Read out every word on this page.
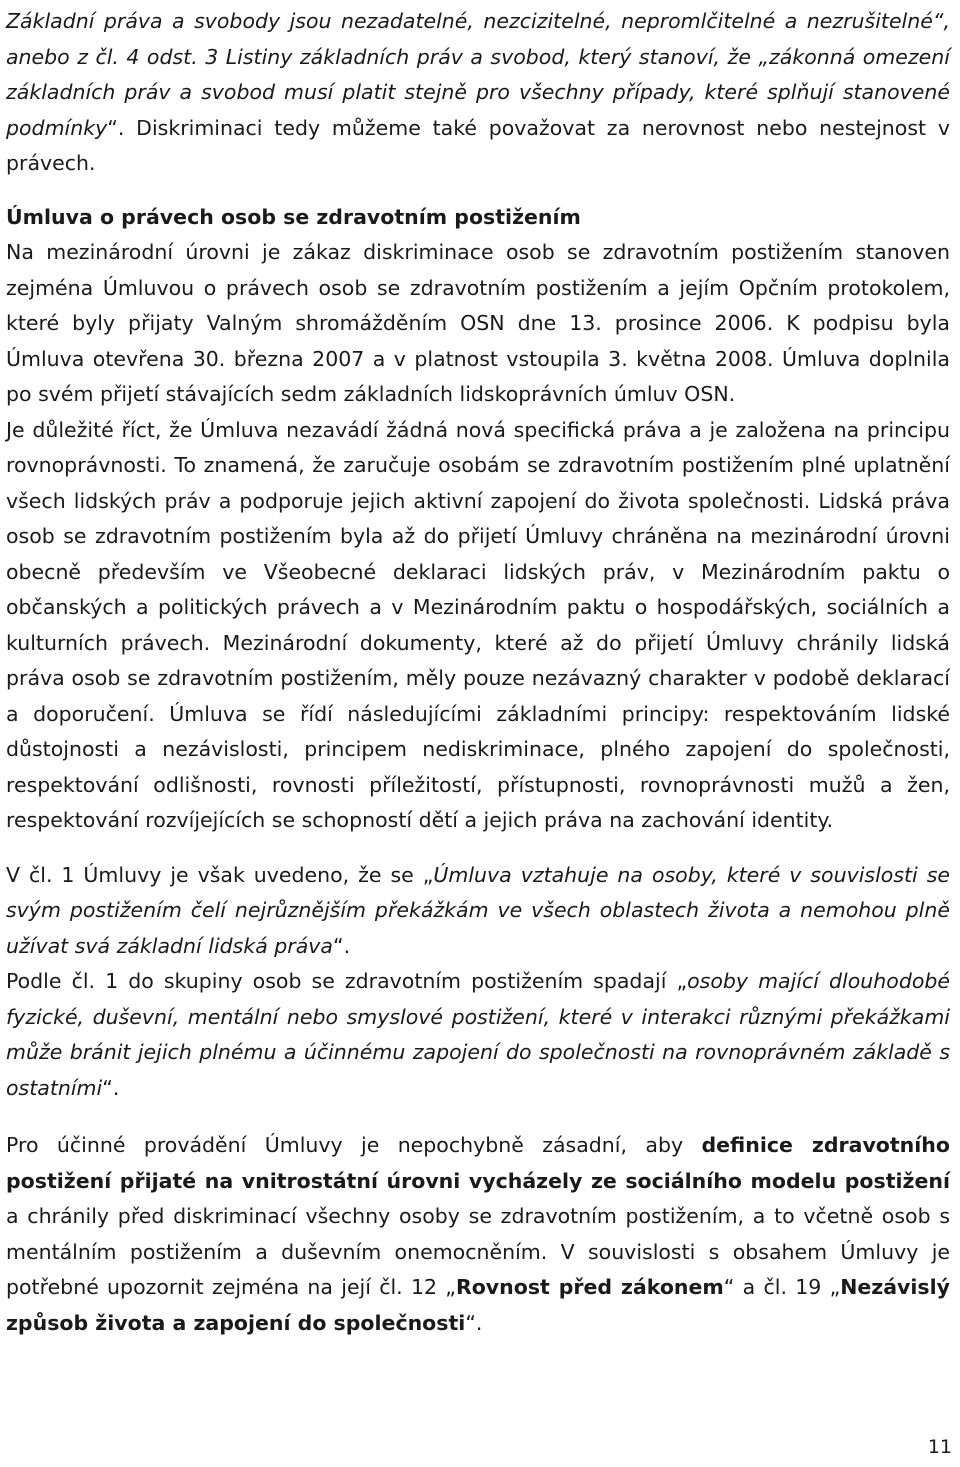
Základní práva a svobody jsou nezadatelné, nezcizitelné, nepromlčitelné a nezrušitelné“, anebo z čl. 4 odst. 3 Listiny základních práv a svobod, který stanoví, že „zákonná omezení základních práv a svobod musí platit stejně pro všechny případy, které splňují stanovené podmínky“. Diskriminaci tedy můžeme také považovat za nerovnost nebo nestejnost v právech.

Úmluva o právech osob se zdravotním postižením

Na mezinárodní úrovni je zákaz diskriminace osob se zdravotním postižením stanoven zejména Úmluvou o právech osob se zdravotním postižením a jejím Opčním protokolem, které byly přijaty Valným shromážděním OSN dne 13. prosince 2006. K podpisu byla Úmluva otevřena 30. března 2007 a v platnost vstoupila 3. května 2008. Úmluva doplnila po svém přijetí stávajících sedm základních lidskoprávních úmluv OSN.

Je důležité říct, že Úmluva nezavádí žádná nová specifická práva a je založena na principu rovnoprávnosti. To znamená, že zaručuje osobám se zdravotním postižením plné uplatnění všech lidských práv a podporuje jejich aktivní zapojení do života společnosti. Lidská práva osob se zdravotním postižením byla až do přijetí Úmluvy chráněna na mezinárodní úrovni obecně především ve Všeobecné deklaraci lidských práv, v Mezinárodním paktu o občanských a politických právech a v Mezinárodním paktu o hospodářských, sociálních a kulturních právech. Mezinárodní dokumenty, které až do přijetí Úmluvy chránily lidská práva osob se zdravotním postižením, měly pouze nezávazný charakter v podobě deklarací a doporučení. Úmluva se řídí následujícími základními principy: respektováním lidské důstojnosti a nezávislosti, principem nediskriminace, plného zapojení do společnosti, respektování odlišnosti, rovnosti příležitostí, přístupnosti, rovnoprávnosti mužů a žen, respektování rozvíjejících se schopností dětí a jejich práva na zachování identity.

V čl. 1 Úmluvy je však uvedeno, že se „Úmluva vztahuje na osoby, které v souvislosti se svým postižením čelí nejrůznějším překážkám ve všech oblastech života a nemohou plně užívat svá základní lidská práva“.

Podle čl. 1 do skupiny osob se zdravotním postižením spadají „osoby mající dlouhodobé fyzické, duševní, mentální nebo smyslové postižení, které v interakci různými překážkami může bránit jejich plnému a účinnému zapojení do společnosti na rovnoprávném základě s ostatními“.

Pro účinné provádění Úmluvy je nepochybně zásadní, aby definice zdravotního postižení přijaté na vnitrostátní úrovni vycházely ze sociálního modelu postižení a chránily před diskriminací všechny osoby se zdravotním postižením, a to včetně osob s mentálním postižením a duševním onemocněním. V souvislosti s obsahem Úmluvy je potřebné upozornit zejména na její čl. 12 „Rovnost před zákonem“ a čl. 19 „Nezávislý způsob života a zapojení do společnosti“.

11
